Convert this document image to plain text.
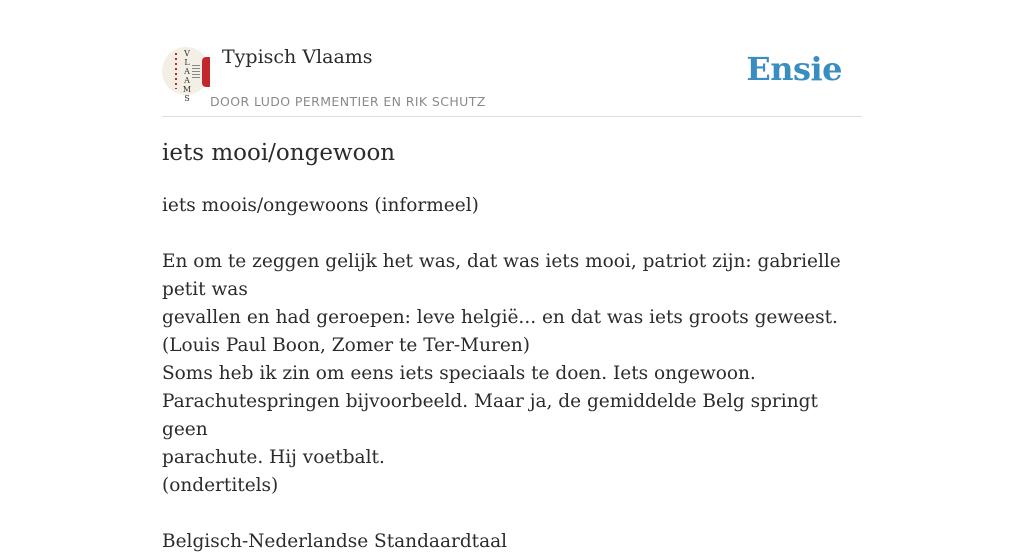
V
L
A
A
M
S
Typisch Vlaams
DOOR LUDO PERMENTIER EN RIK SCHUTZ
Ensie
iets mooi/ongewoon

iets moois/ongewoons (informeel)

En om te zeggen gelijk het was, dat was iets mooi, patriot zijn: gabrielle petit was

gevallen en had geroepen: leve helgië... en dat was iets groots geweest.

(Louis Paul Boon, Zomer te Ter-Muren)

Soms heb ik zin om eens iets speciaals te doen. Iets ongewoon.

Parachutespringen bijvoorbeeld. Maar ja, de gemiddelde Belg springt geen

parachute. Hij voetbalt.

(ondertitels)

Belgisch-Nederlandse Standaardtaal
